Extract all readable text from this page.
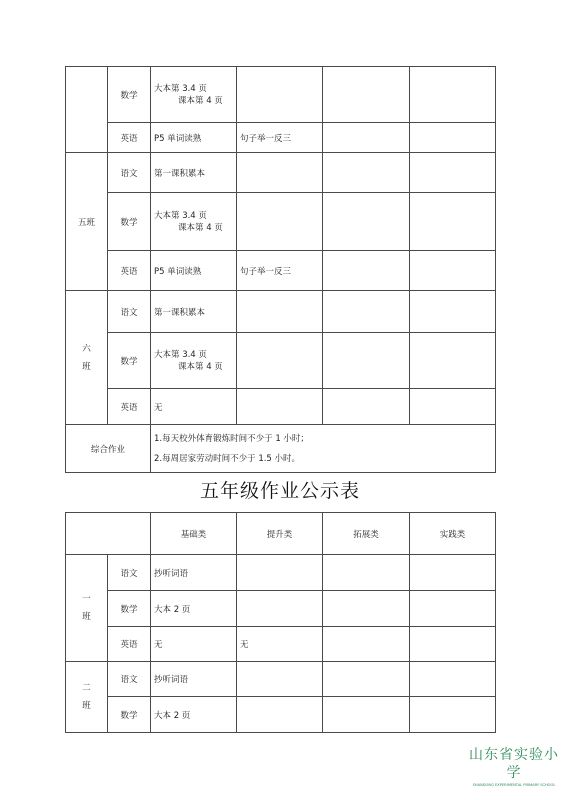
	数学	大本第 3.4 页
课本第 4 页			

	英语	P5 单词读熟	句子举一反三		
五班	语文	第一课积累本			
	数学	大本第 3.4 页
课本第 4 页			

	英语	P5 单词读熟	句子举一反三		

六
班	语文	第一课积累本			
	数学	大本第 3.4 页
课本第 4 页			

	英语	无			
综合作业		1.每天校外体育锻炼时间不少于 1 小时；
2.每周居家劳动时间不少于 1.5 小时。			
五年级作业公示表
		基础类	提升类	拓展类	实践类

一
班	语文	抄听词语			
	数学	大本 2 页			
	英语	无	无		

二
班	语文	抄听词语			
	数学	大本 2 页			
山东省实验小学
SHANDONG EXPERIMENTAL PRIMARY SCHOOL
